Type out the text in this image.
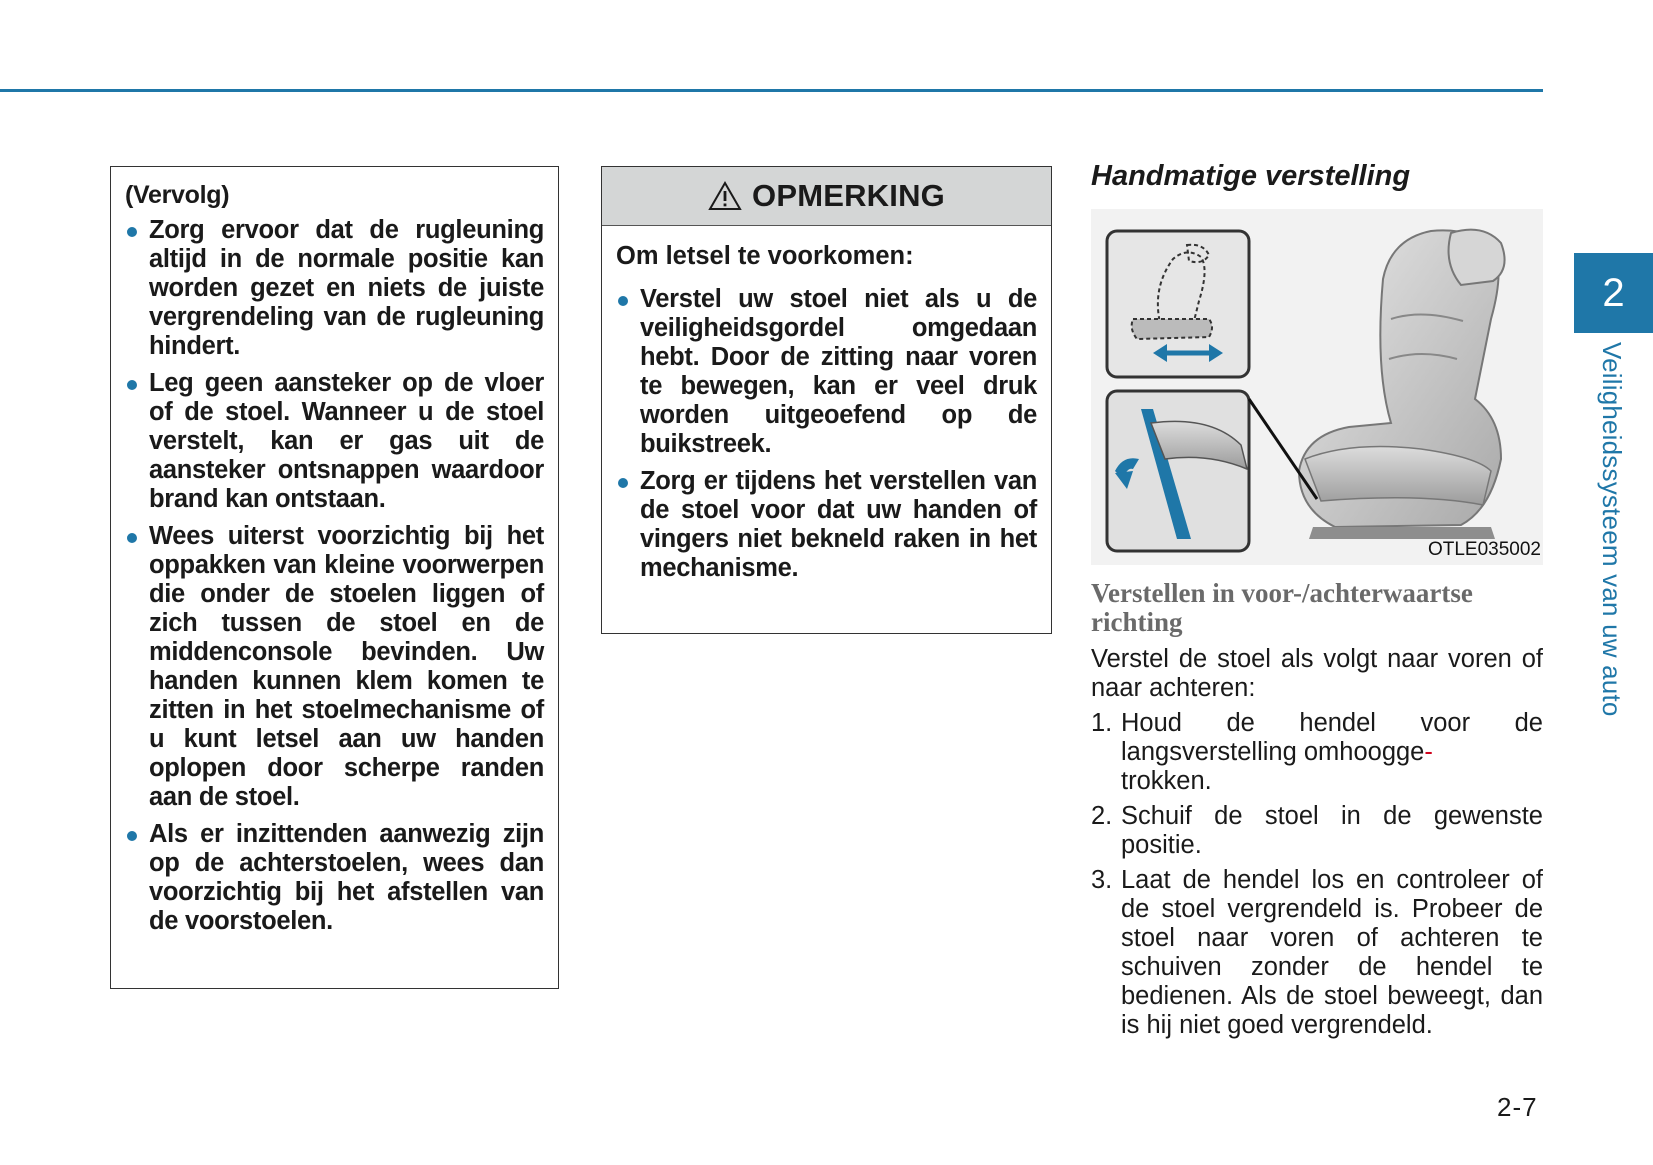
(Vervolg)

Zorg ervoor dat de rugleuning altijd in de normale positie kan worden gezet en niets de juiste vergrendeling van de rugleuning hindert.
Leg geen aansteker op de vloer of de stoel. Wanneer u de stoel verstelt, kan er gas uit de aansteker ontsnappen waardoor brand kan ontstaan.
Wees uiterst voorzichtig bij het oppakken van kleine voorwerpen die onder de stoelen liggen of zich tussen de stoel en de middenconsole bevinden. Uw handen kunnen klem komen te zitten in het stoelmechanisme of u kunt letsel aan uw handen oplopen door scherpe randen aan de stoel.
Als er inzittenden aanwezig zijn op de achterstoelen, wees dan voorzichtig bij het afstellen van de voorstoelen.
OPMERKING

Om letsel te voorkomen:

Verstel uw stoel niet als u de veiligheidsgordel omgedaan hebt. Door de zitting naar voren te bewegen, kan er veel druk worden uitgeoefend op de buikstreek.
Zorg er tijdens het verstellen van de stoel voor dat uw handen of vingers niet bekneld raken in het mechanisme.

Handmatige verstelling

OTLE035002

Verstellen in voor-/achterwaartse richting

Verstel de stoel als volgt naar voren of naar achteren:

1. Houd de hendel voor de langsverstelling omhoogge-
trokken.
2. Schuif de stoel in de gewenste positie.
3. Laat de hendel los en controleer of de stoel vergrendeld is. Probeer de stoel naar voren of achteren te schuiven zonder de hendel te bedienen. Als de stoel beweegt, dan is hij niet goed vergrendeld.
2
Veiligheidssysteem van uw auto
2-7
